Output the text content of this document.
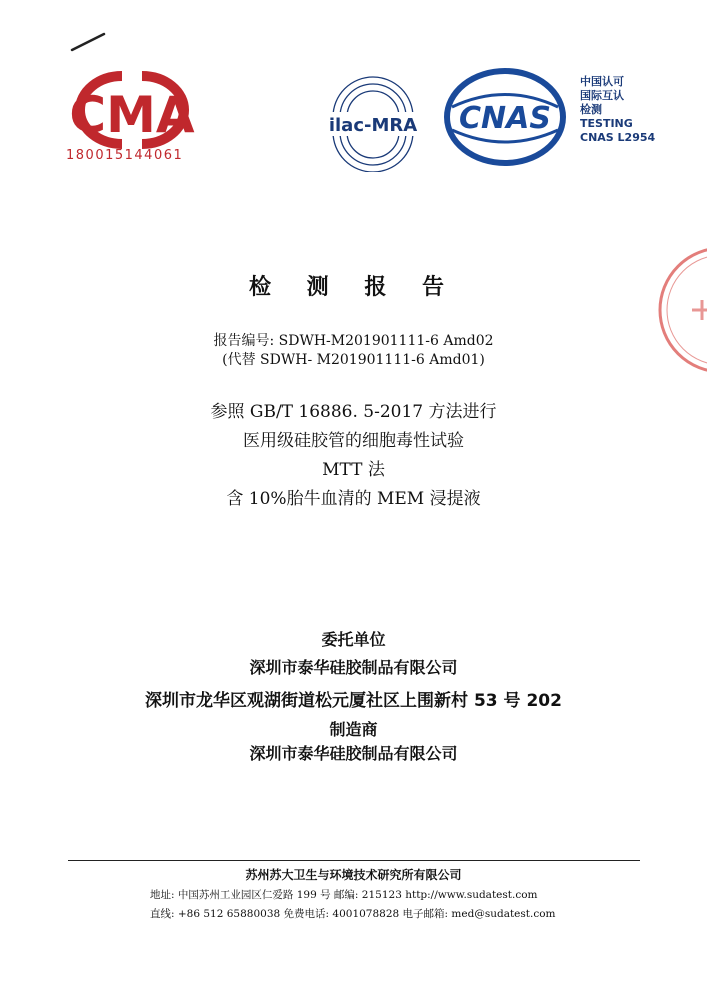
CMA
180015144061
ilac-MRA CNAS
中国认可
国际互认
检测
TESTING
CNAS L2954
检 测 报 告
报告编号: SDWH-M201901111-6 Amd02
(代替 SDWH- M201901111-6 Amd01)
参照 GB/T 16886. 5-2017 方法进行
医用级硅胶管的细胞毒性试验
MTT 法
含 10%胎牛血清的 MEM 浸提液
委托单位
深圳市泰华硅胶制品有限公司
深圳市龙华区观湖街道松元厦社区上围新村 53 号 202
制造商
深圳市泰华硅胶制品有限公司
苏州苏大卫生与环境技术研究所有限公司
地址: 中国苏州工业园区仁爱路 199 号 邮编: 215123 http://www.sudatest.com
直线: +86 512 65880038 免费电话: 4001078828 电子邮箱: med@sudatest.com
